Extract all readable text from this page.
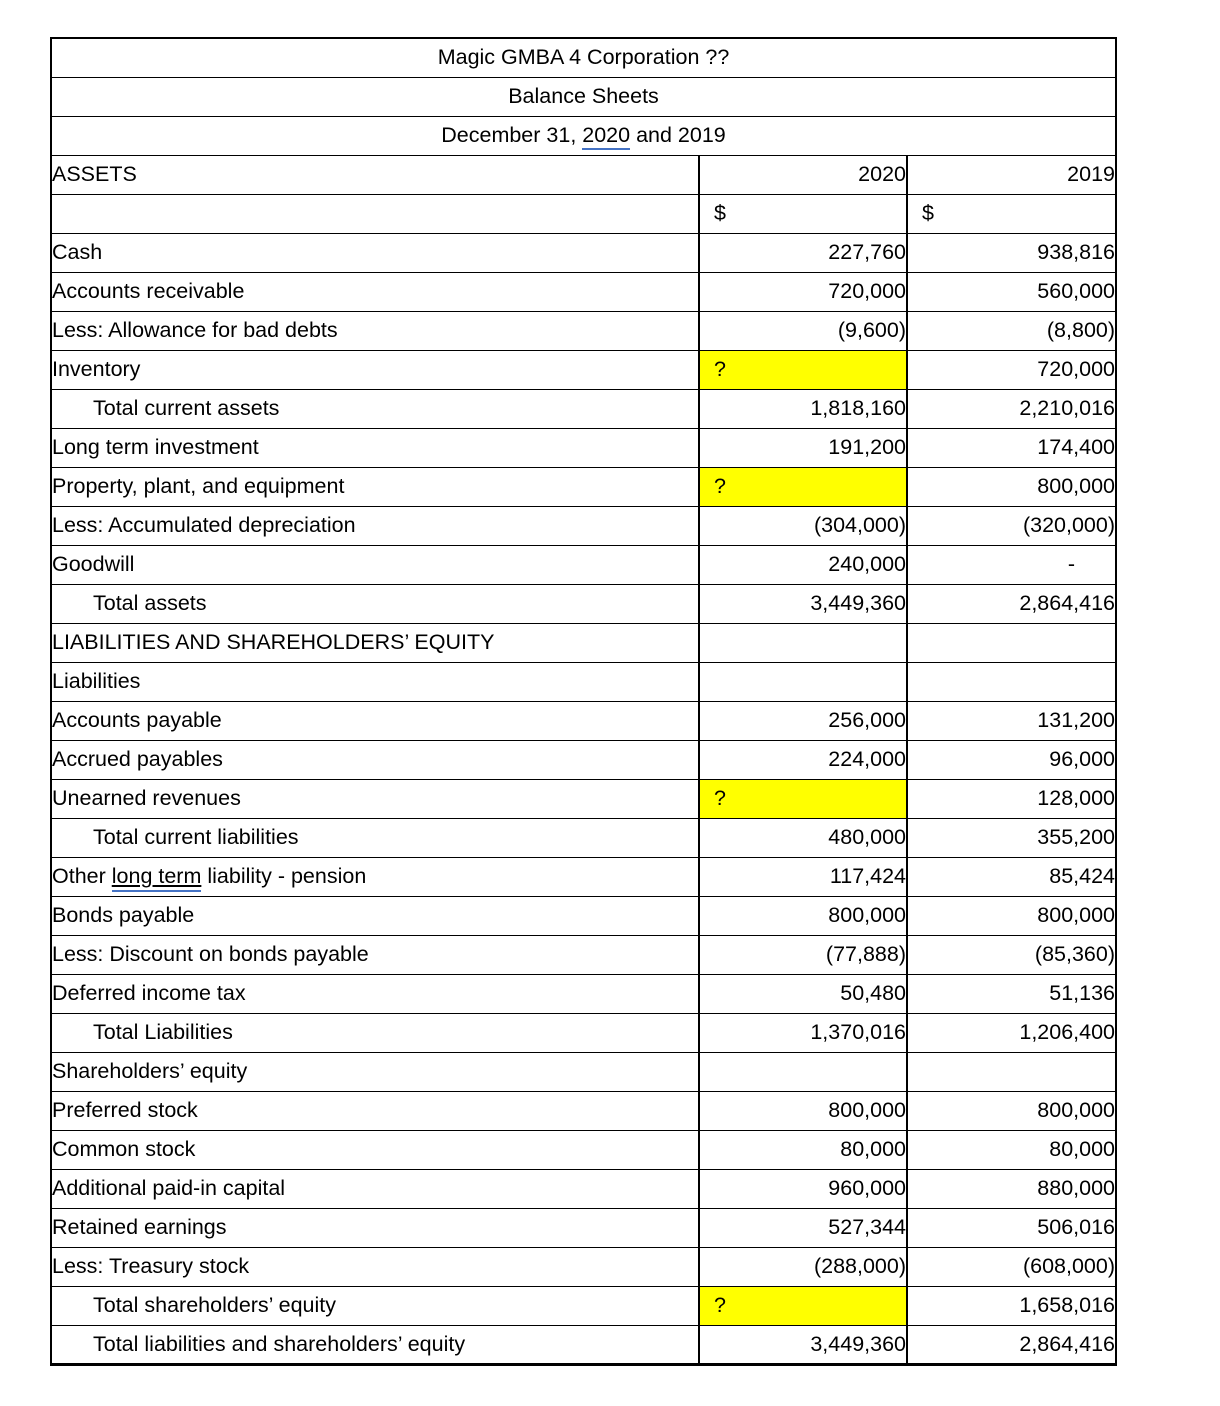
Magic GMBA 4 Corporation ??		
Balance Sheets		
December 31, 2020 and 2019		
ASSETS	2020	2019
	$	$
Cash	227,760	938,816
Accounts receivable	720,000	560,000
Less: Allowance for bad debts	(9,600)	(8,800)
Inventory	?	720,000
Total current assets	1,818,160	2,210,016
Long term investment	191,200	174,400
Property, plant, and equipment	?	800,000
Less: Accumulated depreciation	(304,000)	(320,000)
Goodwill	240,000	-
Total assets	3,449,360	2,864,416
LIABILITIES AND SHAREHOLDERS’ EQUITY		
Liabilities		
Accounts payable	256,000	131,200
Accrued payables	224,000	96,000
Unearned revenues	?	128,000
Total current liabilities	480,000	355,200
Other long term liability - pension	117,424	85,424
Bonds payable	800,000	800,000
Less: Discount on bonds payable	(77,888)	(85,360)
Deferred income tax	50,480	51,136
Total Liabilities	1,370,016	1,206,400
Shareholders’ equity		
Preferred stock	800,000	800,000
Common stock	80,000	80,000
Additional paid-in capital	960,000	880,000
Retained earnings	527,344	506,016
Less: Treasury stock	(288,000)	(608,000)
Total shareholders’ equity	?	1,658,016
Total liabilities and shareholders’ equity	3,449,360	2,864,416
